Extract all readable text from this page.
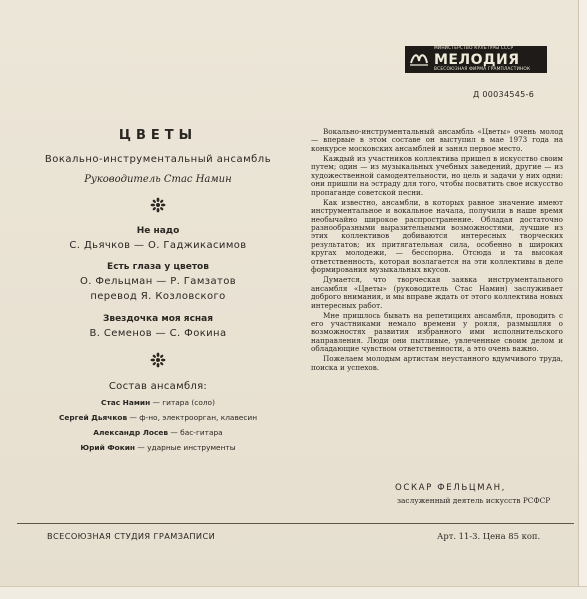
МИНИСТЕРСТВО КУЛЬТУРЫ СССР
МЕЛОДИЯ
ВСЕСОЮЗНАЯ ФИРМА ГРАМПЛАСТИНОК
Д 00034545-6
ЦВЕТЫ
Вокально-инструментальный ансамбль
Руководитель Стас Намин
Не надо
С. Дьячков — О. Гаджикасимов
Есть глаза у цветов
О. Фельцман — Р. Гамзатов
перевод Я. Козловского
Звездочка моя ясная
В. Семенов — С. Фокина
Состав ансамбля:
Стас Намин — гитара (соло)
Сергей Дьячков — ф-но, электроорган, клавесин
Александр Лосев — бас-гитара
Юрий Фокин — ударные инструменты

Вокально-инструментальный ансамбль «Цветы» очень молод — впервые в этом составе он выступил в мае 1973 года на конкурсе московских ансамблей и занял первое место.

Каждый из участников коллектива пришел в искусство своим путем; один — из музыкальных учебных заведений, другие — из художественной самодеятельности, но цель и задачи у них одни: они пришли на эстраду для того, чтобы посвятить свое искусство пропаганде советской песни.

Как известно, ансамбли, в которых равное значение имеют инструментальное и вокальное начала, получили в наше время необычайно широкое распространение. Обладая достаточно разнообразными выразительными возможностями, лучшие из этих коллективов добиваются интересных творческих результатов; их притягательная сила, особенно в широких кругах молодежи, — бесспорна. Отсюда и та высокая ответственность, которая возлагается на эти коллективы в деле формирования музыкальных вкусов.

Думается, что творческая заявка инструментального ансамбля «Цветы» (руководитель Стас Намин) заслуживает доброго внимания, и мы вправе ждать от этого коллектива новых интересных работ.

Мне пришлось бывать на репетициях ансамбля, проводить с его участниками немало времени у рояля, размышляя о возможностях развития избранного ими исполнительского направления. Люди они пытливые, увлеченные своим делом и обладающие чувством ответственности, а это очень важно.

Пожелаем молодым артистам неустанного вдумчивого труда, поиска и успехов.

ОСКАР ФЕЛЬЦМАН,
заслуженный деятель искусств РСФСР
ВСЕСОЮЗНАЯ СТУДИЯ ГРАМЗАПИСИ	Арт. 11-3. Цена 85 коп.
